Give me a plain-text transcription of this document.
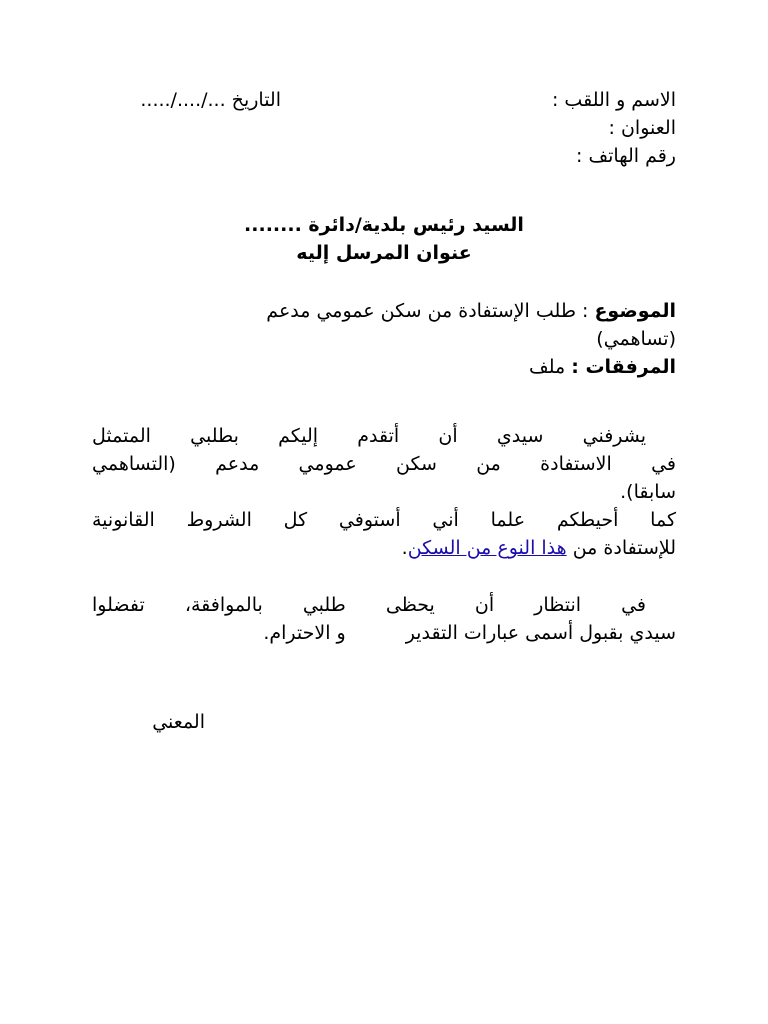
الاسم و اللقب :
التاريخ .../..../.....
العنوان :
رقم الهاتف :
السيد رئيس بلدية/دائرة ........
عنوان المرسل إليه
الموضوع : طلب الإستفادة من سكن عمومي مدعم
(تساهمي)
المرفقات : ملف
يشرفني سيدي أن أتقدم إليكم بطلبي المتمثل
في الاستفادة من سكن عمومي مدعم (التساهمي
سابقا).
كما أحيطكم علما أني أستوفي كل الشروط القانونية
للإستفادة من هذا النوع من السكن.
في انتظار أن يحظى طلبي بالموافقة، تفضلوا
سيدي بقبول أسمى عبارات التقديرو الاحترام.
المعني
